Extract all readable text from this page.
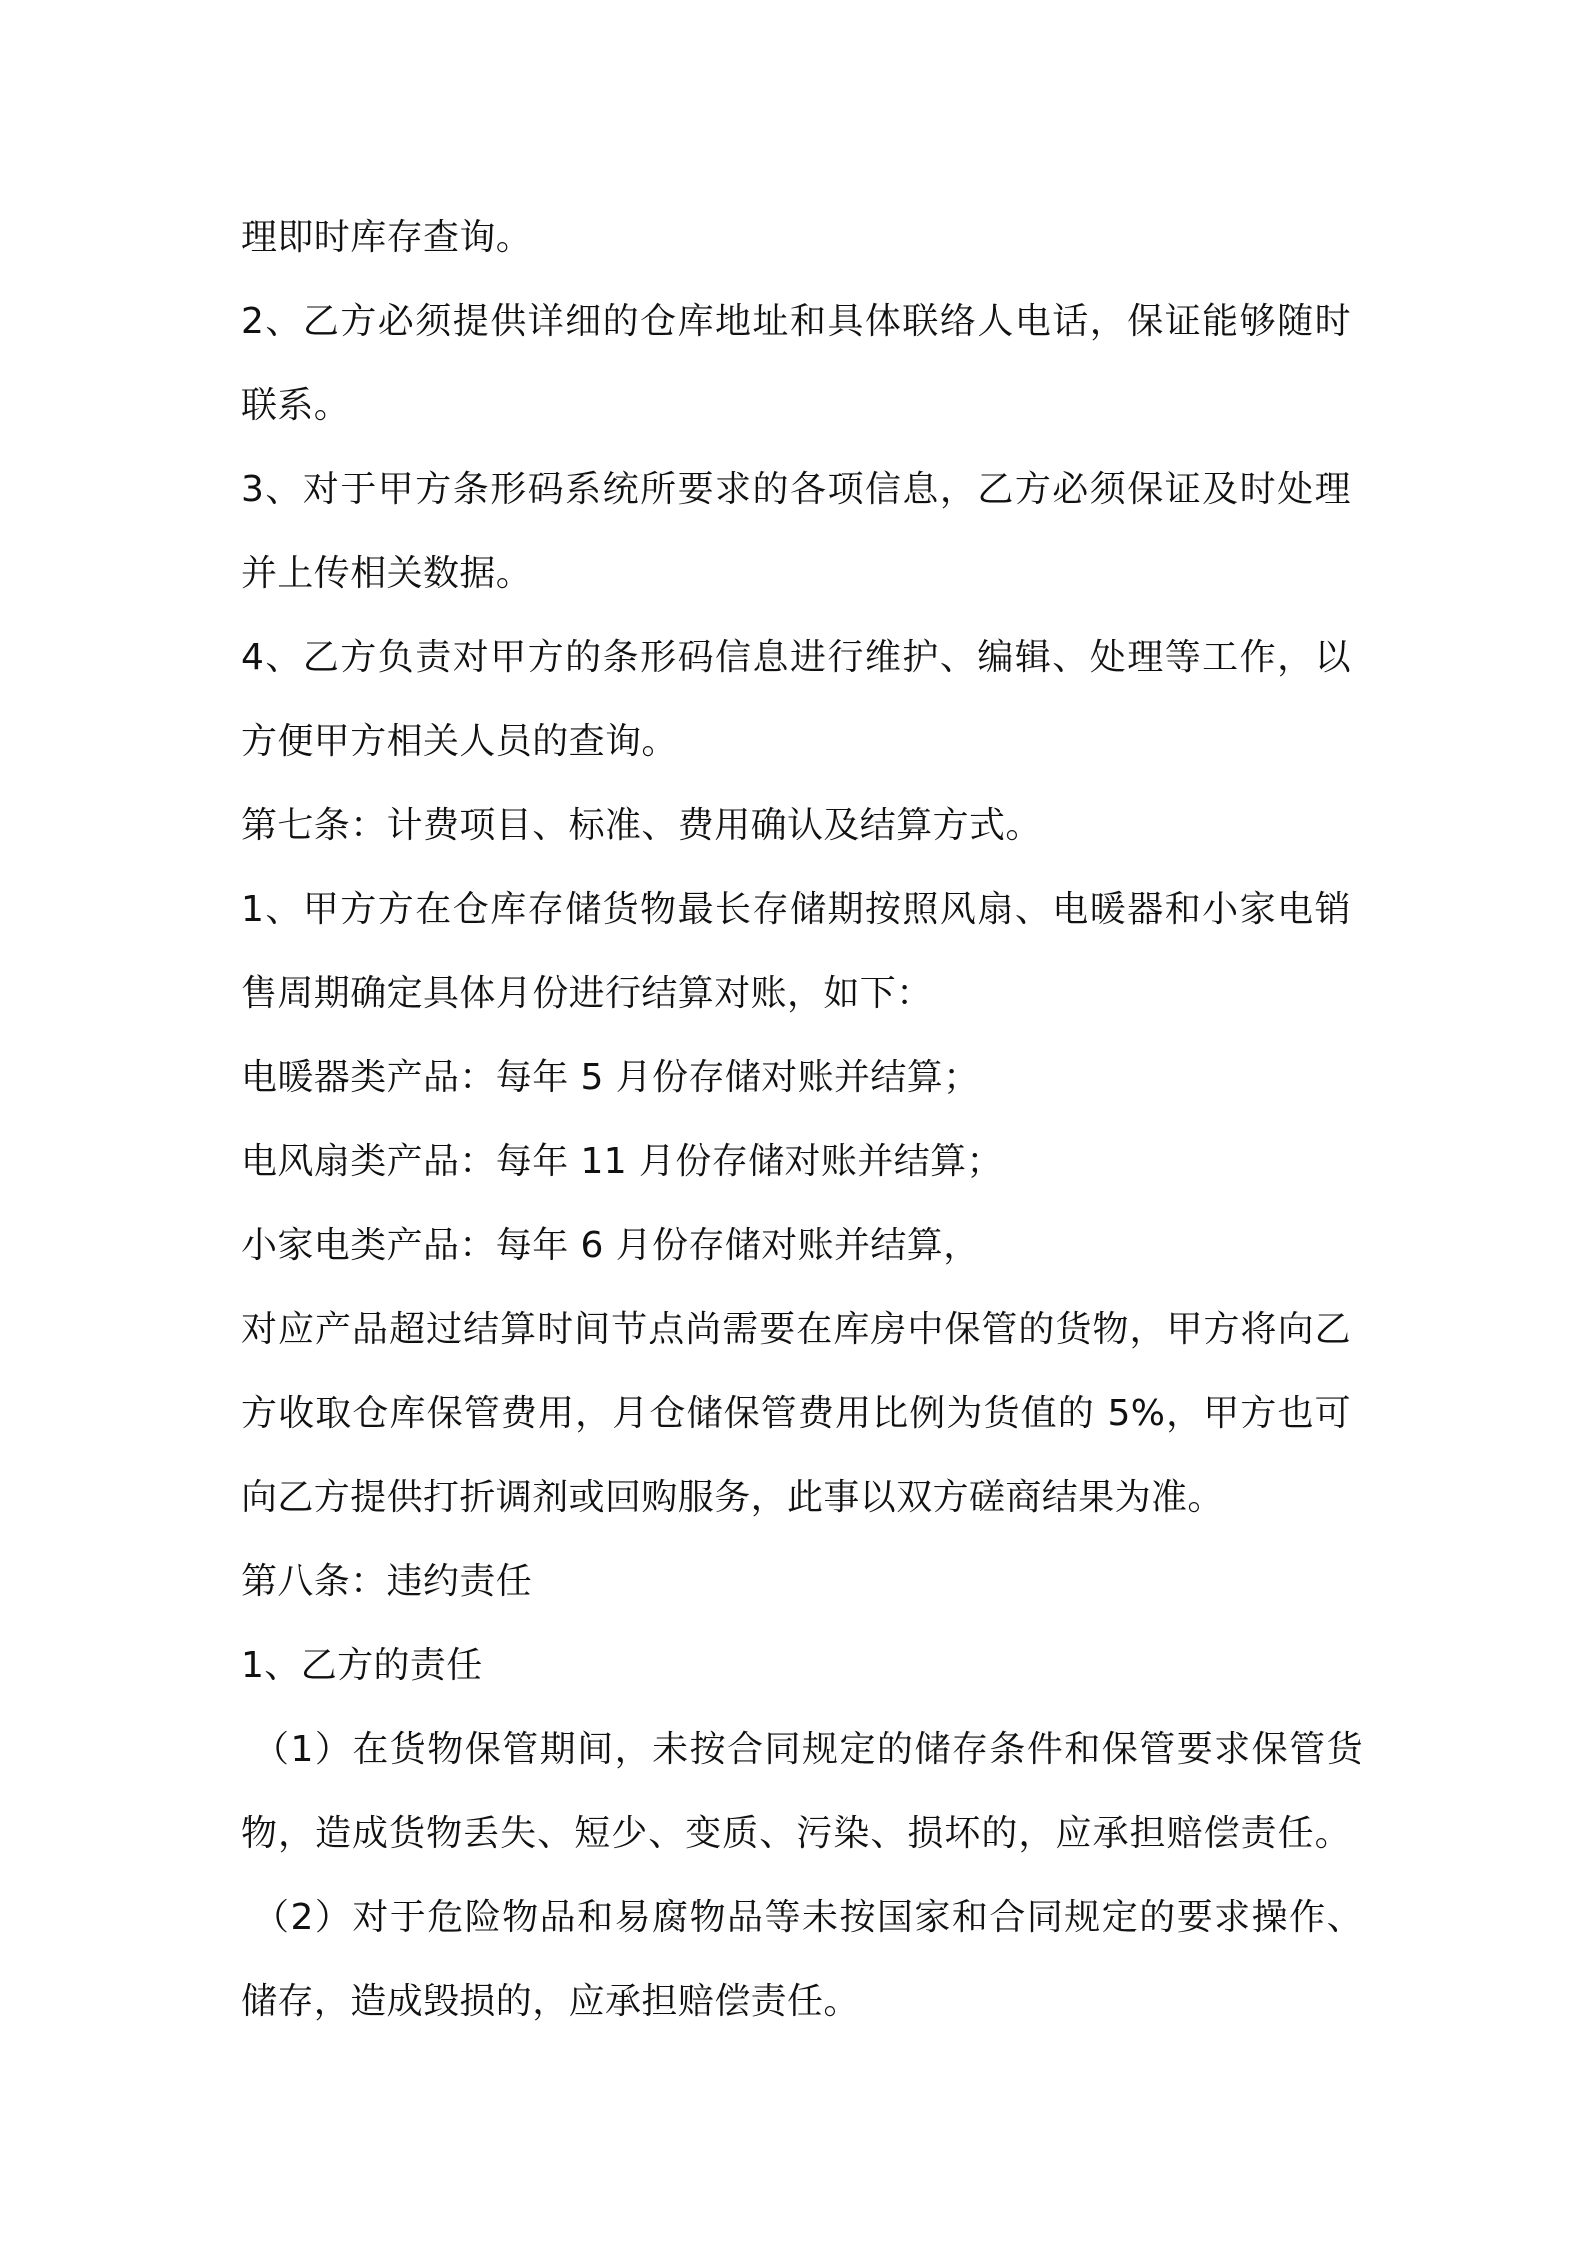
理即时库存查询。
2、乙方必须提供详细的仓库地址和具体联络人电话，保证能够随时
联系。
3、对于甲方条形码系统所要求的各项信息，乙方必须保证及时处理
并上传相关数据。
4、乙方负责对甲方的条形码信息进行维护、编辑、处理等工作，以
方便甲方相关人员的查询。
第七条：计费项目、标准、费用确认及结算方式。
1、甲方方在仓库存储货物最长存储期按照风扇、电暖器和小家电销
售周期确定具体月份进行结算对账，如下：
电暖器类产品：每年 5 月份存储对账并结算；
电风扇类产品：每年 11 月份存储对账并结算；
小家电类产品：每年 6 月份存储对账并结算，
对应产品超过结算时间节点尚需要在库房中保管的货物，甲方将向乙
方收取仓库保管费用，月仓储保管费用比例为货值的 5%，甲方也可
向乙方提供打折调剂或回购服务，此事以双方磋商结果为准。
第八条：违约责任
1、乙方的责任
（1）在货物保管期间，未按合同规定的储存条件和保管要求保管货
物，造成货物丢失、短少、变质、污染、损坏的，应承担赔偿责任。
（2）对于危险物品和易腐物品等未按国家和合同规定的要求操作、
储存，造成毁损的，应承担赔偿责任。
